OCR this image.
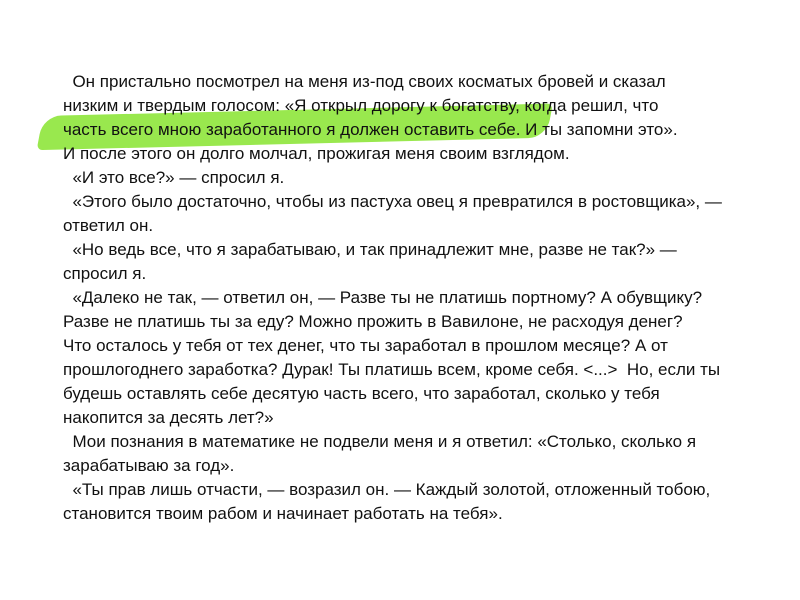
Он пристально посмотрел на меня из-под своих косматых бровей и сказал
низким и твердым голосом: «Я открыл дорогу к богатству, когда решил, что
часть всего мною заработанного я должен оставить себе. И ты запомни это».
И после этого он долго молчал, прожигая меня своим взглядом.
«И это все?» — спросил я.
«Этого было достаточно, чтобы из пастуха овец я превратился в ростовщика», —
ответил он.
«Но ведь все, что я зарабатываю, и так принадлежит мне, разве не так?» —
спросил я.
«Далеко не так, — ответил он, — Разве ты не платишь портному? А обувщику?
Разве не платишь ты за еду? Можно прожить в Вавилоне, не расходуя денег?
Что осталось у тебя от тех денег, что ты заработал в прошлом месяце? А от
прошлогоднего заработка? Дурак! Ты платишь всем, кроме себя. <...>  Но, если ты
будешь оставлять себе десятую часть всего, что заработал, сколько у тебя
накопится за десять лет?»
Мои познания в математике не подвели меня и я ответил: «Столько, сколько я
зарабатываю за год».
«Ты прав лишь отчасти, — возразил он. — Каждый золотой, отложенный тобою,
становится твоим рабом и начинает работать на тебя».
